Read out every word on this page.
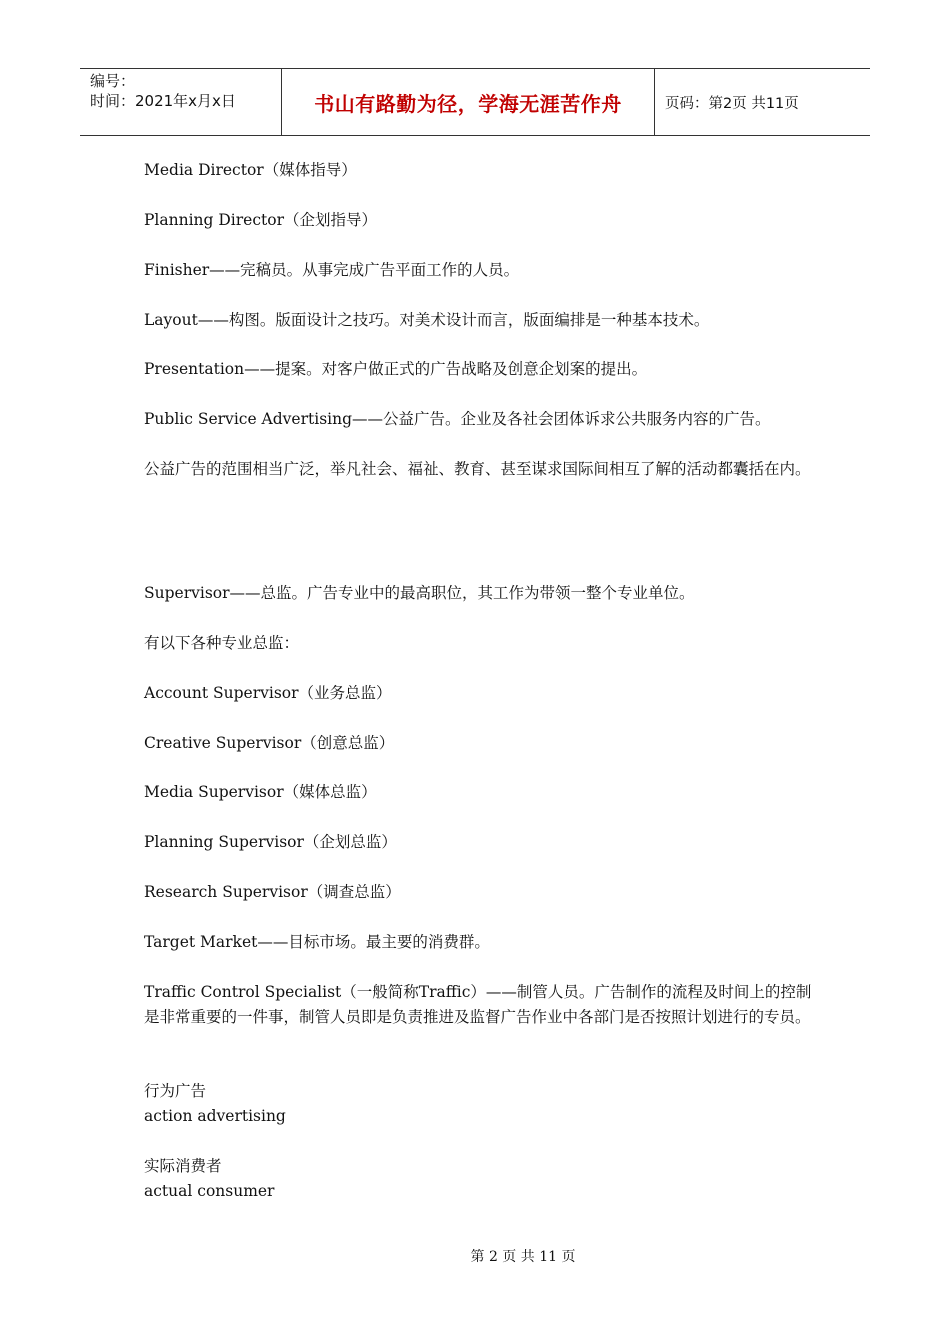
编号：
时间：2021年x月x日	书山有路勤为径，学海无涯苦作舟	页码：第2页 共11页

Media Director（媒体指导）

Planning Director（企划指导）

Finisher——完稿员。从事完成广告平面工作的人员。

Layout——构图。版面设计之技巧。对美术设计而言，版面编排是一种基本技术。

Presentation——提案。对客户做正式的广告战略及创意企划案的提出。

Public Service Advertising——公益广告。企业及各社会团体诉求公共服务内容的广告。

公益广告的范围相当广泛，举凡社会、福祉、教育、甚至谋求国际间相互了解的活动都囊括在内。

Supervisor——总监。广告专业中的最高职位，其工作为带领一整个专业单位。

有以下各种专业总监：

Account Supervisor（业务总监）

Creative Supervisor（创意总监）

Media Supervisor（媒体总监）

Planning Supervisor（企划总监）

Research Supervisor（调查总监）

Target Market——目标市场。最主要的消费群。

Traffic Control Specialist（一般简称Traffic）——制管人员。广告制作的流程及时间上的控制是非常重要的一件事，制管人员即是负责推进及监督广告作业中各部门是否按照计划进行的专员。

行为广告
action advertising
实际消费者
actual consumer
第 2 页 共 11 页
